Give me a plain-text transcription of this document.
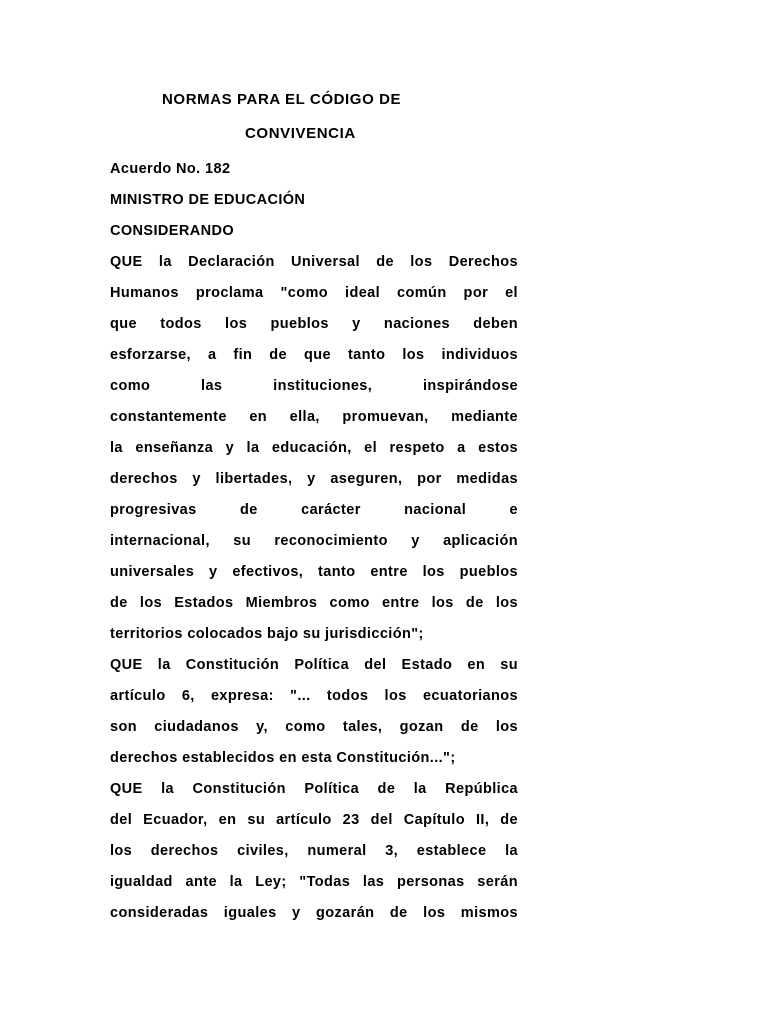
NORMAS PARA EL CÓDIGO DE
CONVIVENCIA
Acuerdo No. 182
MINISTRO DE EDUCACIÓN
CONSIDERANDO
QUE la Declaración Universal de los Derechos
Humanos proclama "como ideal común por el
que todos los pueblos y naciones deben
esforzarse, a fin de que tanto los individuos
como las instituciones, inspirándose
constantemente en ella, promuevan, mediante
la enseñanza y la educación, el respeto a estos
derechos y libertades, y aseguren, por medidas
progresivas de carácter nacional e
internacional, su reconocimiento y aplicación
universales y efectivos, tanto entre los pueblos
de los Estados Miembros como entre los de los
territorios colocados bajo su jurisdicción";
QUE la Constitución Política del Estado en su
artículo 6, expresa: "... todos los ecuatorianos
son ciudadanos y, como tales, gozan de los
derechos establecidos en esta Constitución...";
QUE la Constitución Política de la República
del Ecuador, en su artículo 23 del Capítulo II, de
los derechos civiles, numeral 3, establece la
igualdad ante la Ley; "Todas las personas serán
consideradas iguales y gozarán de los mismos
